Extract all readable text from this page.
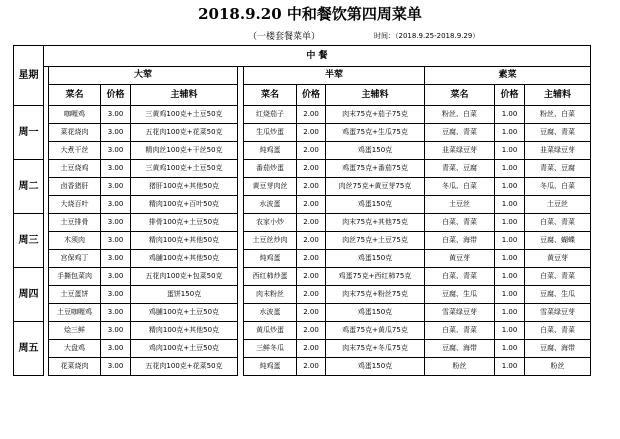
2018.9.20 中和餐饮第四周菜单
（一楼套餐菜单）	时间：（2018.9.25-2018.9.29）
星期	中 餐										
		大荤				半荤			素菜		
		菜名	价格	主辅料		菜名	价格	主辅料	菜名	价格	主辅料
周一		咖喱鸡	3.00	三黄鸡100克+土豆50克		红烧茄子	2.00	肉末75克+茄子75克	粉丝、白菜	1.00	粉丝、白菜
		菜花烧肉	3.00	五花肉100克+花菜50克		生瓜炒蛋	2.00	鸡蛋75克+生瓜75克	豆腐、青菜	1.00	豆腐、青菜
		大煮干丝	3.00	精肉丝100克+干丝50克		炖鸡蛋	2.00	鸡蛋150克	韭菜绿豆芽	1.00	韭菜绿豆芽
周二		土豆烧鸡	3.00	三黄鸡100克+土豆50克		番茄炒蛋	2.00	鸡蛋75克+番茄75克	青菜、豆腐	1.00	青菜、豆腐
		卤香猪肝	3.00	猪肝100克+其他50克		黄豆芽肉丝	2.00	肉丝75克+黄豆芽75克	冬瓜、白菜	1.00	冬瓜、白菜
		大烧百叶	3.00	精肉100克+百叶50克		水波蛋	2.00	鸡蛋150克	土豆丝	1.00	土豆丝
周三		土豆排骨	3.00	排骨100克+土豆50克		农家小炒	2.00	肉末75克+其他75克	白菜、青菜	1.00	白菜、青菜
		木须肉	3.00	精肉100克+其他50克		土豆丝炒肉	2.00	肉丝75克+土豆75克	白菜、海带	1.00	豆腐、蝴蝶
		宫保鸡丁	3.00	鸡脯100克+其他50克		炖鸡蛋	2.00	鸡蛋150克	黄豆芽	1.00	黄豆芽
周四		手撕包菜肉	3.00	五花肉100克+包菜50克		西红柿炒蛋	2.00	鸡蛋75克+西红柿75克	白菜、青菜	1.00	白菜、青菜
		土豆蛋饼	3.00	蛋饼150克		肉末粉丝	2.00	肉末75克+粉丝75克	豆腐、生瓜	1.00	豆腐、生瓜
		土豆咖喱鸡	3.00	鸡脯100克+土豆50克		水波蛋	2.00	鸡蛋150克	雪菜绿豆芽	1.00	雪菜绿豆芽
周五		烩三鲜	3.00	精肉100克+其他50克		黄瓜炒蛋	2.00	鸡蛋75克+黄瓜75克	白菜、青菜	1.00	白菜、青菜
		大盘鸡	3.00	鸡肉100克+土豆50克		三鲜冬瓜	2.00	肉末75克+冬瓜75克	豆腐、海带	1.00	豆腐、海带
		花菜烧肉	3.00	五花肉100克+花菜50克		炖鸡蛋	2.00	鸡蛋150克	粉丝	1.00	粉丝
